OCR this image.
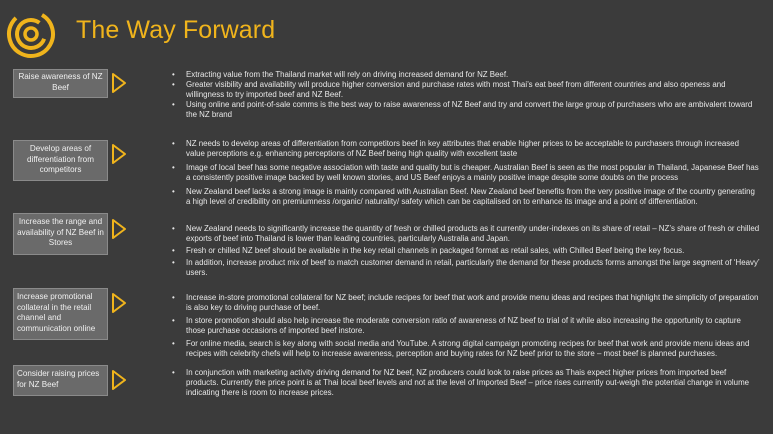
The Way Forward
Raise awareness of NZ Beef
• Extracting value from the Thailand market will rely on driving increased demand for NZ Beef.
• Greater visibility and availability will produce higher conversion and purchase rates with most Thai’s eat beef from different countries and also openess and willingness to try imported beef and NZ Beef.
• Using online and point-of-sale comms is the best way to raise awareness of NZ Beef and try and convert the large group of purchasers who are ambivalent toward the NZ brand
Develop areas of differentiation from competitors
• NZ needs to develop areas of differentiation from competitors beef in key attributes that enable higher prices to be acceptable to purchasers through increased value perceptions e.g. enhancing perceptions of NZ Beef being high quality with excellent taste
• Image of local beef has some negative association with taste and quality but is cheaper. Australian Beef is seen as the most popular in Thailand, Japanese Beef has a consistently positive image backed by well known stories, and US Beef enjoys a mainly positive image despite some doubts on the process
• New Zealand beef lacks a strong image is mainly compared with Australian Beef. New Zealand beef benefits from the very positive image of the country generating a high level of credibility on premiumness /organic/ naturality/ safety which can be capitalised on to enhance its image and a point of differentiation.
Increase the range and availability of NZ Beef in Stores
• New Zealand needs to significantly increase the quantity of fresh or chilled products as it currently under-indexes on its share of retail – NZ’s share of fresh or chilled exports of beef into Thailand is lower than leading countries, particularly Australia and Japan.
• Fresh or chilled NZ beef should be available in the key retail channels in packaged format as retail sales, with Chilled Beef being the key focus.
• In addition, increase product mix of beef to match customer demand in retail, particularly the demand for these products forms amongst the large segment of ‘Heavy’ users.
Increase promotional collateral in the retail channel and communication online
• Increase in-store promotional collateral for NZ beef; include recipes for beef that work and provide menu ideas and recipes that highlight the simplicity of preparation is also key to driving purchase of beef.
• In store promotion should also help increase the moderate conversion ratio of awareness of NZ beef to trial of it while also increasing the opportunity to capture those purchase occasions of imported beef instore.
• For online media, search is key along with social media and YouTube. A strong digital campaign promoting recipes for beef that work and provide menu ideas and recipes with celebrity chefs will help to increase awareness, perception and buying rates for NZ beef prior to the store – most beef is planned purchases.
Consider raising prices for NZ Beef
• In conjunction with marketing activity driving demand for NZ beef, NZ producers could look to raise prices as Thais expect higher prices from imported beef products. Currently the price point is at Thai local beef levels and not at the level of Imported Beef – price rises currently out-weigh the potential change in volume indicating there is room to increase prices.
